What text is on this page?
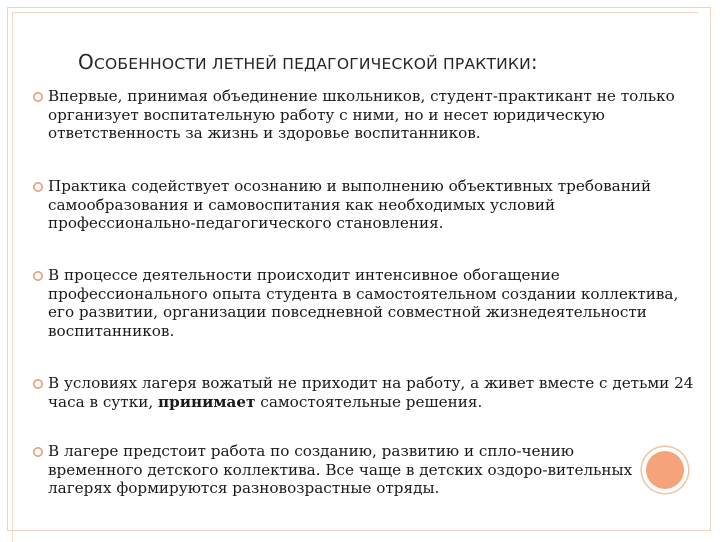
ОСОБЕННОСТИ ЛЕТНЕЙ ПЕДАГОГИЧЕСКОЙ ПРАКТИКИ:
Впервые, принимая объединение школьников, студент-практикант не только организует воспитательную работу с ними, но и несет юридическую ответственность за жизнь и здоровье воспитанников.
Практика содействует осознанию и выполнению объективных требований самообразования и самовоспитания как необходимых условий профессионально-педагогического становления.
В процессе деятельности происходит интенсивное обогащение профессионального опыта студента в самостоятельном создании коллектива, его развитии, организации повседневной совместной жизнедеятельности воспитанников.
В условиях лагеря вожатый не приходит на работу, а живет вместе с детьми 24 часа в сутки, принимает самостоятельные решения.
В лагере предстоит работа по созданию, развитию и спло-чению временного детского коллектива. Все чаще в детских оздоро-вительных лагерях формируются разновозрастные отряды.
